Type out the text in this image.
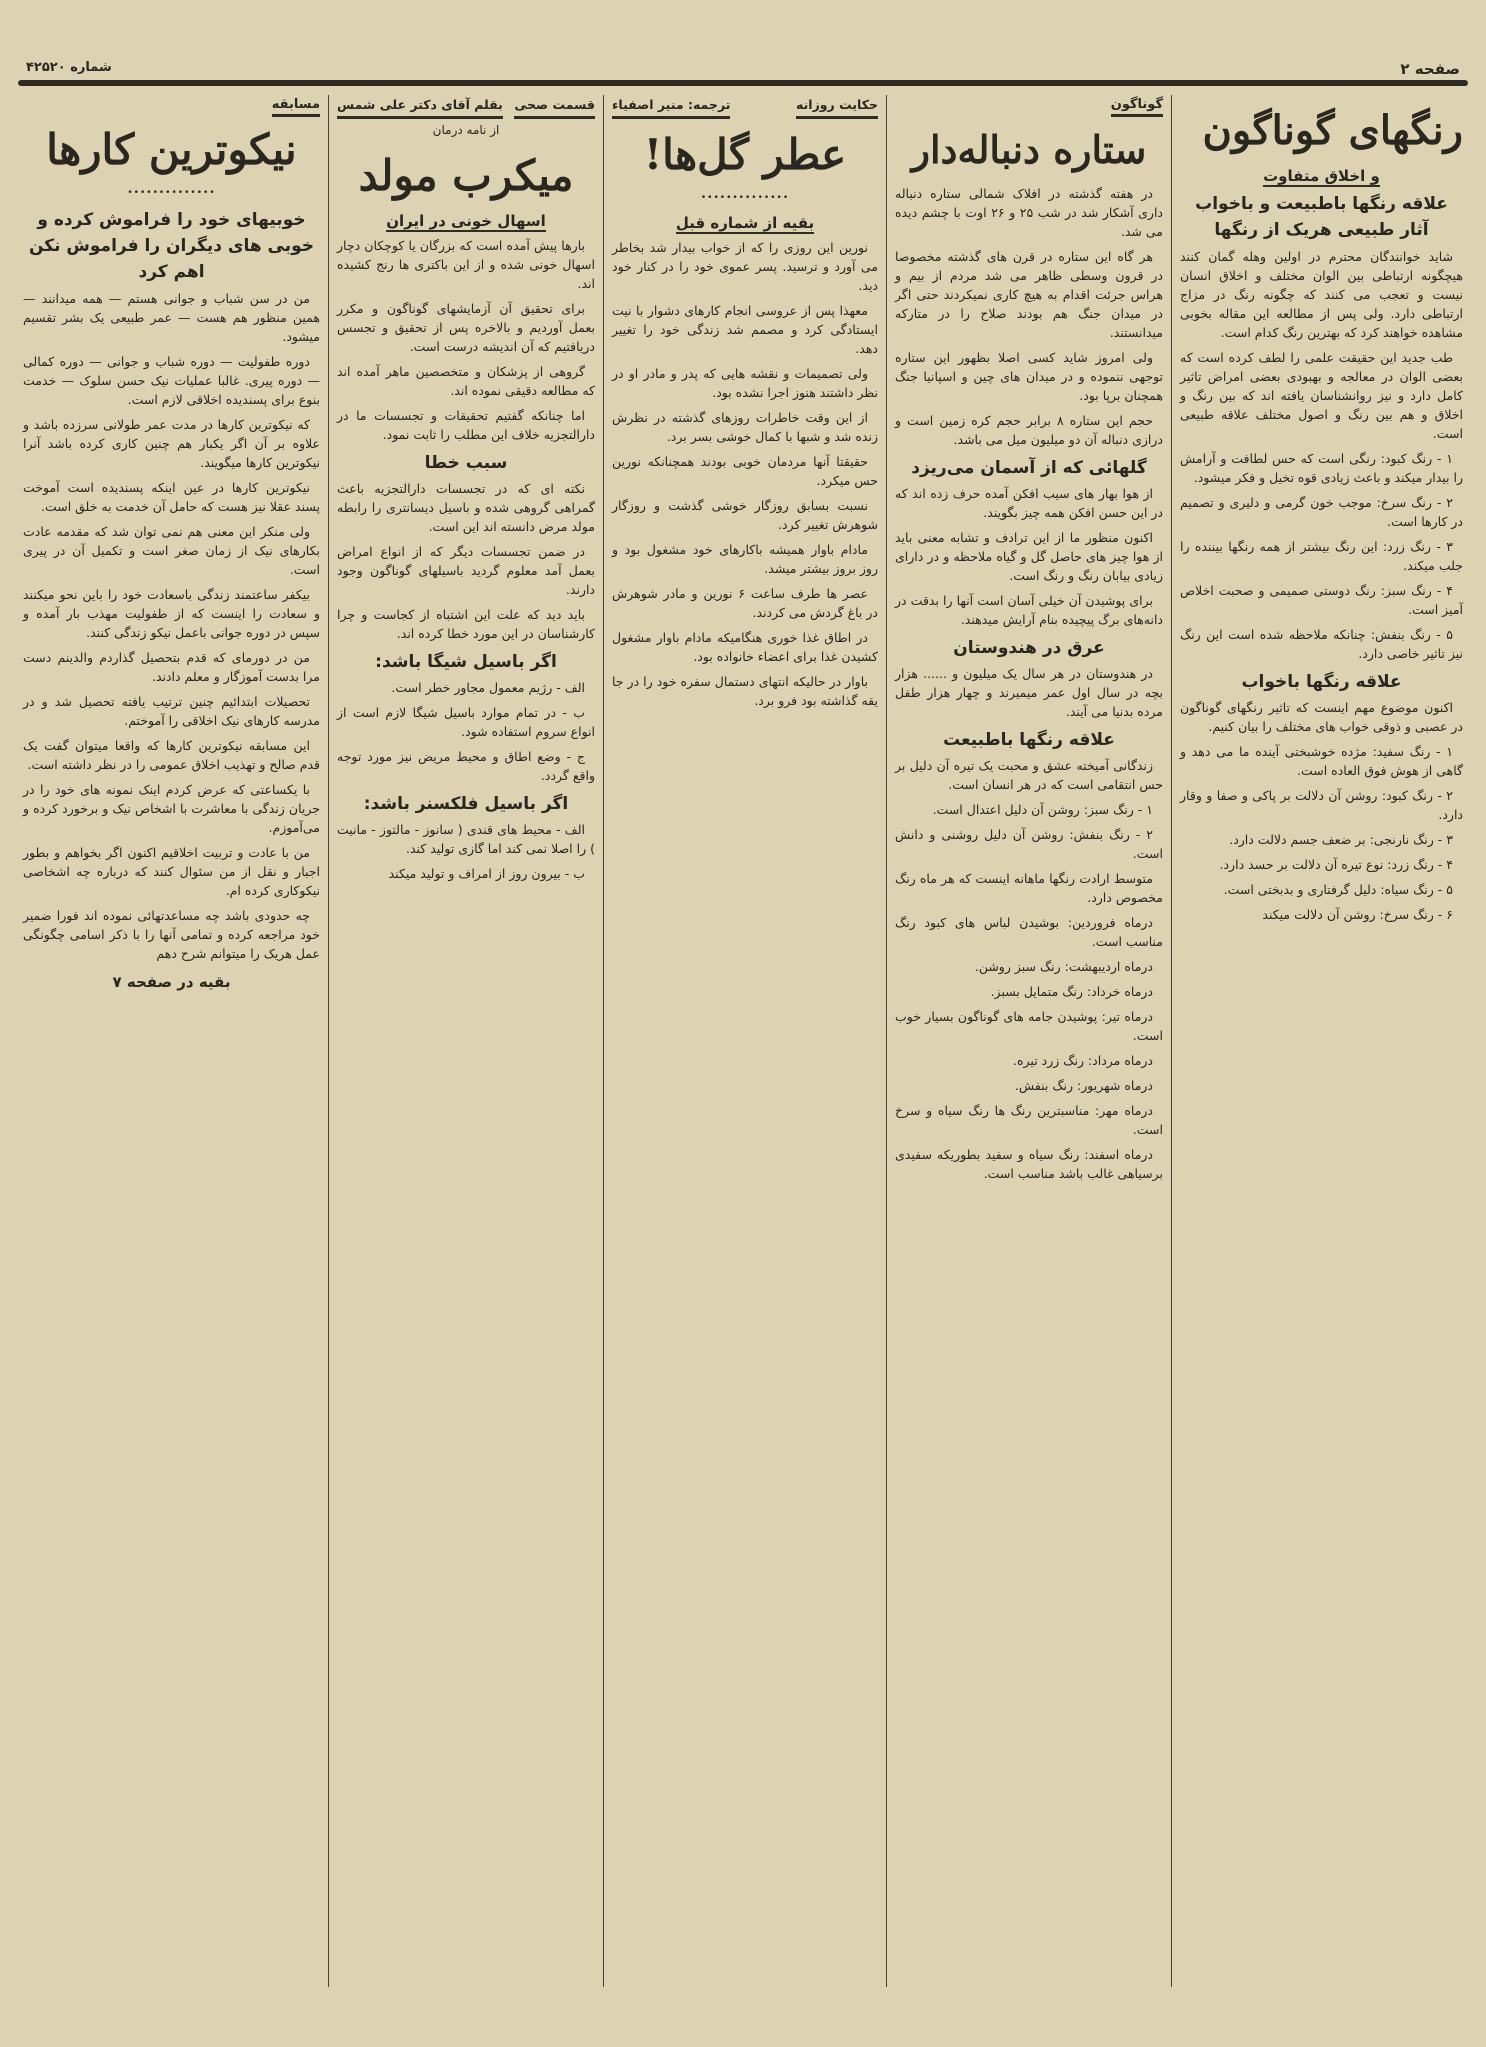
صفحه ۲
شماره ۴۲۵۲۰
رنگهای گوناگون
و اخلاق متفاوت
علاقه رنگها باطبیعت و باخواب آثار طبیعی هریک از رنگها

شاید خوانندگان محترم در اولین وهله گمان کنند هیچگونه ارتباطی بین الوان مختلف و اخلاق انسان نیست و تعجب می کنند که چگونه رنگ در مزاج ارتباطی دارد. ولی پس از مطالعه این مقاله بخوبی مشاهده خواهند کرد که بهترین رنگ کدام است.

طب جدید این حقیقت علمی را لطف کرده است که بعضی الوان در معالجه و بهبودی بعضی امراض تاثیر کامل دارد و نیز روانشناسان یافته اند که بین رنگ و اخلاق و هم بین رنگ و اصول مختلف علاقه طبیعی است.

۱ - رنگ کبود: رنگی است که حس لطافت و آرامش را بیدار میکند و باعث زیادی قوه تخیل و فکر میشود.

۲ - رنگ سرخ: موجب خون گرمی و دلیری و تصمیم در کارها است.

۳ - رنگ زرد: این رنگ بیشتر از همه رنگها بیننده را جلب میکند.

۴ - رنگ سبز: رنگ دوستی صمیمی و صحبت اخلاص آمیز است.

۵ - رنگ بنفش: چنانکه ملاحظه شده است این رنگ نیز تاثیر خاصی دارد.

علاقه رنگها باخواب

اکنون موضوع مهم اینست که تاثیر رنگهای گوناگون در عصبی و ذوقی خواب های مختلف را بیان کنیم.

۱ - رنگ سفید: مژده خوشبختی آینده ما می دهد و گاهی از هوش فوق العاده است.

۲ - رنگ کبود: روشن آن دلالت بر پاکی و صفا و وقار دارد.

۳ - رنگ نارنجی: بر ضعف جسم دلالت دارد.

۴ - رنگ زرد: نوع تیره آن دلالت بر حسد دارد.

۵ - رنگ سیاه: دلیل گرفتاری و بدبختی است.

۶ - رنگ سرخ: روشن آن دلالت میکند

گوناگون
ستاره دنباله‌دار

در هفته گذشته در افلاک شمالی ستاره دنباله داری آشکار شد در شب ۲۵ و ۲۶ اوت با چشم دیده می شد.

هر گاه این ستاره در قرن های گذشته مخصوصا در قرون وسطی ظاهر می شد مردم از بیم و هراس جرئت اقدام به هیچ کاری نمیکردند حتی اگر در میدان جنگ هم بودند صلاح را در متارکه میدانستند.

ولی امروز شاید کسی اصلا بظهور این ستاره توجهی ننموده و در میدان های چین و اسپانیا جنگ همچنان برپا بود.

حجم این ستاره ۸ برابر حجم کره زمین است و درازی دنباله آن دو میلیون میل می باشد.

گلهائی که از آسمان می‌ریزد

از هوا بهار های سیب افکن آمده حرف زده اند که در این حسن افکن همه چیز بگویند.

اکنون منظور ما از این ترادف و تشابه معنی باید از هوا چیز های حاصل گل و گیاه ملاحظه و در دارای زیادی بیابان رنگ و رنگ است.

برای پوشیدن آن خیلی آسان است آنها را بدقت در دانه‌های برگ پیچیده بنام آرایش میدهند.

عرق در هندوستان

در هندوستان در هر سال یک میلیون و ...... هزار بچه در سال اول عمر میمیرند و چهار هزار طفل مرده بدنیا می آیند.

علاقه رنگها باطبیعت

زندگانی آمیخته عشق و محبت یک تیره آن دلیل بر حس انتقامی است که در هر انسان است.

۱ - رنگ سبز: روشن آن دلیل اعتدال است.

۲ - رنگ بنفش: روشن آن دلیل روشنی و دانش است.

متوسط ارادت رنگها ماهانه اینست که هر ماه رنگ مخصوص دارد.

درماه فروردین: بوشیدن لباس های کبود رنگ مناسب است.

درماه اردیبهشت: رنگ سبز روشن.

درماه خرداد: رنگ متمایل بسبز.

درماه تیر: پوشیدن جامه های گوناگون بسیار خوب است.

درماه مرداد: رنگ زرد تیره.

درماه شهریور: رنگ بنفش.

درماه مهر: مناسبترین رنگ ها رنگ سیاه و سرخ است.

درماه اسفند: رنگ سیاه و سفید بطوریکه سفیدی برسیاهی غالب باشد مناسب است.

حکایت روزانه
ترجمه: منیر اصفیاء
عطر گل‌ها!
••••••••••••••
بقیه از شماره قبل

نورین این روزی را که از خواب بیدار شد بخاطر می آورد و ترسید. پسر عموی خود را در کنار خود دید.

معهذا پس از عروسی انجام کارهای دشوار با نیت ایستادگی کرد و مصمم شد زندگی خود را تغییر دهد.

ولی تصمیمات و نقشه هایی که پدر و مادر او در نظر داشتند هنوز اجرا نشده بود.

از این وقت خاطرات روزهای گذشته در نظرش زنده شد و شبها با کمال خوشی بسر برد.

حقیقتا آنها مردمان خوبی بودند همچنانکه نورین حس میکرد.

نسبت بسابق روزگار خوشی گذشت و روزگار شوهرش تغییر کرد.

مادام باوار همیشه باکارهای خود مشغول بود و روز بروز بیشتر میشد.

عصر ها طرف ساعت ۶ نورین و مادر شوهرش در باغ گردش می کردند.

در اطاق غذا خوری هنگامیکه مادام باوار مشغول کشیدن غذا برای اعضاء خانواده بود.

باوار در حالیکه انتهای دستمال سفره خود را در جا یقه گذاشته بود فرو برد.

قسمت صحی
بقلم آقای دکتر علی شمس
از نامه درمان
میکرب مولد
اسهال خونی در ایران

بارها پیش آمده است که بزرگان یا کوچکان دچار اسهال خونی شده و از این باکتری ها رنج کشیده اند.

برای تحقیق آن آزمایشهای گوناگون و مکرر بعمل آوردیم و بالاخره پس از تحقیق و تجسس دریافتیم که آن اندیشه درست است.

گروهی از پزشکان و متخصصین ماهر آمده اند که مطالعه دقیقی نموده اند.

اما چنانکه گفتیم تحقیقات و تجسسات ما در دارالتجزیه خلاف این مطلب را ثابت نمود.

سبب خطا

نکته ای که در تجسسات دارالتجزیه باعث گمراهی گروهی شده و باسیل دیسانتری را رابطه مولد مرض دانسته اند این است.

در ضمن تجسسات دیگر که از انواع امراض بعمل آمد معلوم گردید باسیلهای گوناگون وجود دارند.

باید دید که علت این اشتباه از کجاست و چرا کارشناسان در این مورد خطا کرده اند.

اگر باسیل شیگا باشد:

الف - رژیم معمول مجاور خطر است.

ب - در تمام موارد باسیل شیگا لازم است از انواع سروم استفاده شود.

ج - وضع اطاق و محیط مریض نیز مورد توجه واقع گردد.

اگر باسیل فلکسنر باشد:

الف - محیط های قندی ( سانوز - مالتوز - مانیت ) را اصلا نمی کند اما گازی تولید کند.

ب - بیرون روز از امراف و تولید میکند

مسابقه
نیکوترین کارها
••••••••••••••
خوبیهای خود را فراموش کرده و خوبی های دیگران را فراموش نکن اهم کرد

من در سن شباب و جوانی هستم — همه میدانند — همین منظور هم هست — عمر طبیعی یک بشر تقسیم میشود.

دوره طفولیت — دوره شباب و جوانی — دوره کمالی — دوره پیری. غالبا عملیات نیک حسن سلوک — خدمت بنوع برای پسندیده اخلاقی لازم است.

که نیکوترین کارها در مدت عمر طولانی سرزده باشد و علاوه بر آن اگر یکبار هم چنین کاری کرده باشد آنرا نیکوترین کارها میگویند.

نیکوترین کارها در عین اینکه پسندیده است آموخت پسند عقلا نیز هست که حامل آن خدمت به خلق است.

ولی منکر این معنی هم نمی توان شد که مقدمه عادت بکارهای نیک از زمان صغر است و تکمیل آن در پیری است.

بیکفر ساعتمند زندگی باسعادت خود را باین نحو میکنند و سعادت را اینست که از طفولیت مهذب بار آمده و سپس در دوره جوانی باعمل نیکو زندگی کنند.

من در دورمای که قدم بتحصیل گذاردم والدینم دست مرا بدست آموزگار و معلم دادند.

تحصیلات ابتدائیم چنین ترتیب یافته تحصیل شد و در مدرسه کارهای نیک اخلاقی را آموختم.

این مسابقه نیکوترین کارها که واقعا میتوان گفت یک قدم صالح و تهذیب اخلاق عمومی را در نظر داشته است.

با یکساعتی که عرض کردم اینک نمونه های خود را در جریان زندگی با معاشرت با اشخاص نیک و برخورد کرده و می‌آموزم.

من با عادت و تربیت اخلاقیم اکنون اگر بخواهم و بطور اجبار و نقل از من سئوال کنند که درباره چه اشخاصی نیکوکاری کرده ام.

چه حدودی باشد چه مساعدتهائی نموده اند فورا ضمیر خود مراجعه کرده و تمامی آنها را با ذکر اسامی چگونگی عمل هریک را میتوانم شرح دهم

بقیه در صفحه ۷
